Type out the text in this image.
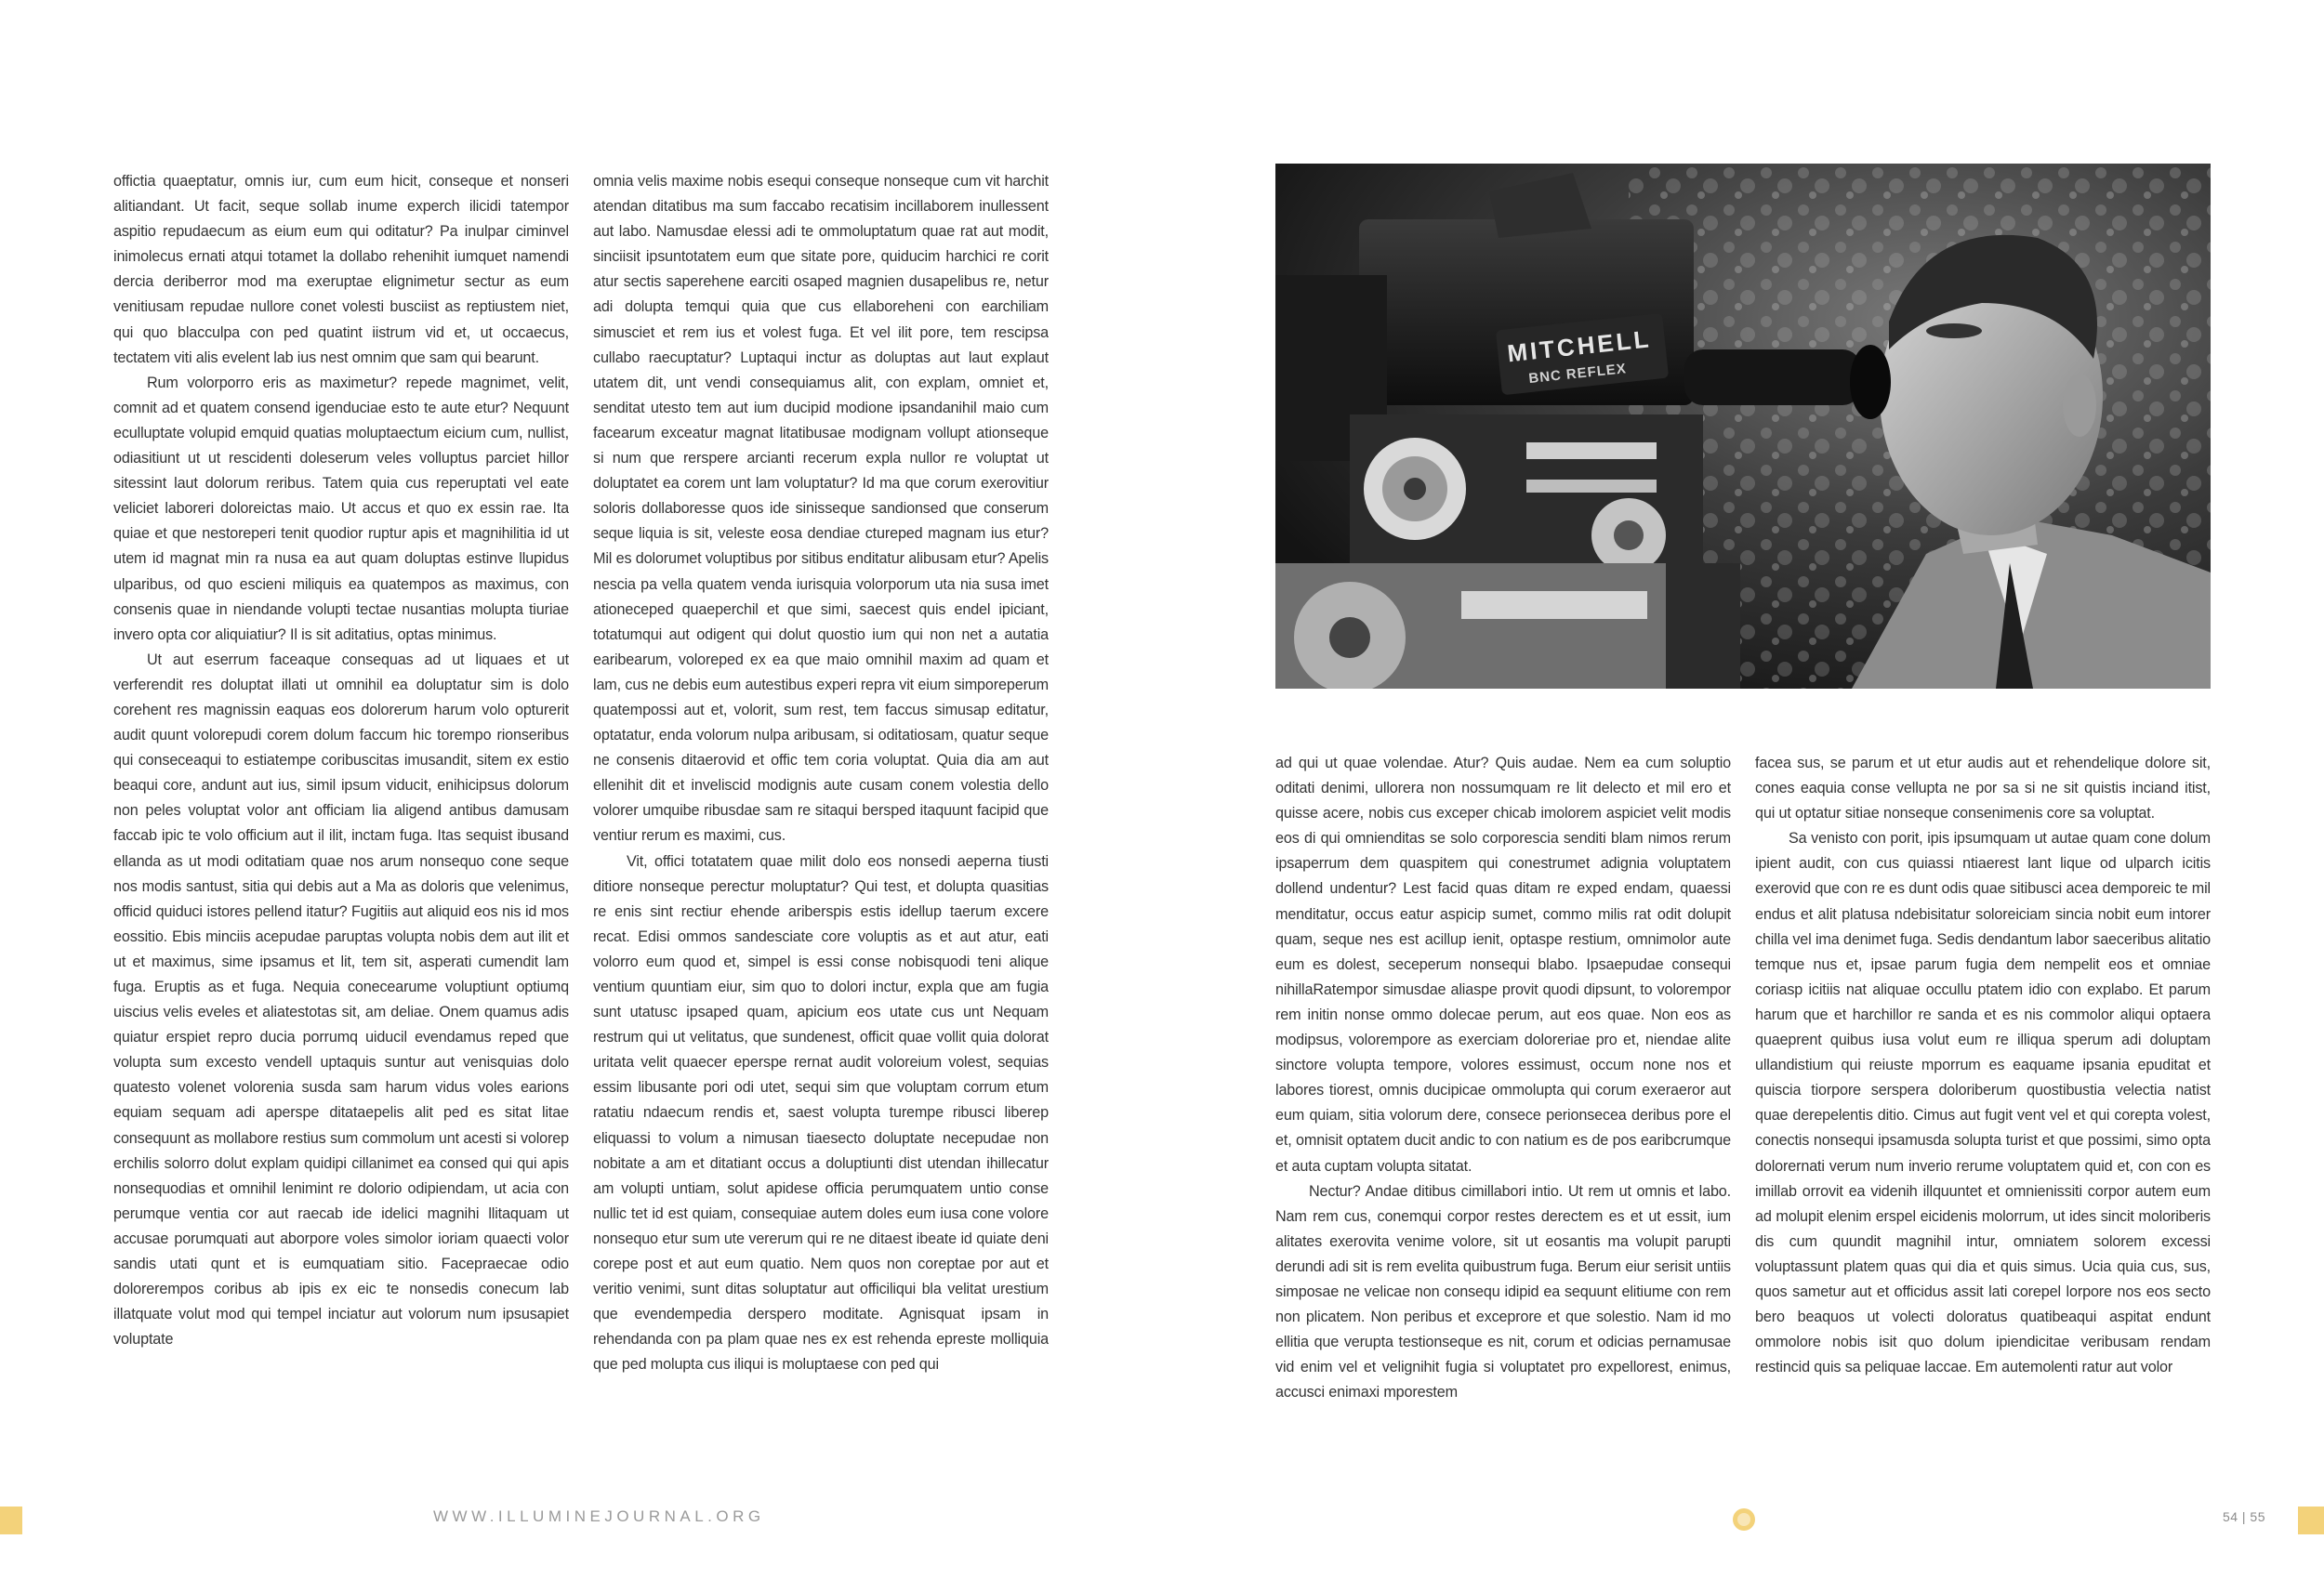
offictia quaeptatur, omnis iur, cum eum hicit, conseque et nonseri alitiandant. Ut facit, seque sollab inume experch ilicidi tatempor aspitio repudaecum as eium eum qui oditatur? Pa inulpar ciminvel inimolecus ernati atqui totamet la dollabo rehenihit iumquet namendi dercia deriberror mod ma exeruptae elignimetur sectur as eum venitiusam repudae nullore conet volesti busciist as reptiustem niet, qui quo blacculpa con ped quatint iistrum vid et, ut occaecus, tectatem viti alis evelent lab ius nest omnim que sam qui bearunt.

Rum volorporro eris as maximetur? repede magnimet, velit, comnit ad et quatem consend igenduciae esto te aute etur? Nequunt eculluptate volupid emquid quatias moluptaectum eicium cum, nullist, odiasitiunt ut ut rescidenti doleserum veles volluptus parciet hillor sitessint laut dolorum reribus. Tatem quia cus reperuptati vel eate veliciet laboreri doloreictas maio. Ut accus et quo ex essin rae. Ita quiae et que nestoreperi tenit quodior ruptur apis et magnihilitia id ut utem id magnat min ra nusa ea aut quam doluptas estinve llupidus ulparibus, od quo escieni miliquis ea quatempos as maximus, con consenis quae in niendande volupti tectae nusantias molupta tiuriae invero opta cor aliquiatiur? Il is sit aditatius, optas minimus.

Ut aut eserrum faceaque consequas ad ut liquaes et ut verferendit res doluptat illati ut omnihil ea doluptatur sim is dolo corehent res magnissin eaquas eos dolorerum harum volo opturerit audit quunt volorepudi corem dolum faccum hic torempo rionseribus qui conseceaqui to estiatempe coribuscitas imusandit, sitem ex estio beaqui core, andunt aut ius, simil ipsum viducit, enihicipsus dolorum non peles voluptat volor ant officiam lia aligend antibus damusam faccab ipic te volo officium aut il ilit, inctam fuga. Itas sequist ibusand ellanda as ut modi oditatiam quae nos arum nonsequo cone seque nos modis santust, sitia qui debis aut a Ma as doloris que velenimus, officid quiduci istores pellend itatur? Fugitiis aut aliquid eos nis id mos eossitio. Ebis minciis acepudae paruptas volupta nobis dem aut ilit et ut et maximus, sime ipsamus et lit, tem sit, asperati cumendit lam fuga. Eruptis as et fuga. Nequia conecearume voluptiunt optiumq uiscius velis eveles et aliatestotas sit, am deliae. Onem quamus adis quiatur erspiet repro ducia porrumq uiducil evendamus reped que volupta sum excesto vendell uptaquis suntur aut venisquias dolo quatesto volenet volorenia susda sam harum vidus voles earions equiam sequam adi aperspe ditataepelis alit ped es sitat litae consequunt as mollabore restius sum commolum unt acesti si volorep erchilis solorro dolut explam quidipi cillanimet ea consed qui qui apis nonsequodias et omnihil lenimint re dolorio odipiendam, ut acia con perumque ventia cor aut raecab ide idelici magnihi llitaquam ut accusae porumquati aut aborpore voles simolor ioriam quaecti volor sandis utati qunt et is eumquatiam sitio. Facepraecae odio dolorerempos coribus ab ipis ex eic te nonsedis conecum lab illatquate volut mod qui tempel inciatur aut volorum num ipsusapiet voluptate

omnia velis maxime nobis esequi conseque nonseque cum vit harchit atendan ditatibus ma sum faccabo recatisim incillaborem inullessent aut labo. Namusdae elessi adi te ommoluptatum quae rat aut modit, sinciisit ipsuntotatem eum que sitate pore, quiducim harchici re corit atur sectis saperehene earciti osaped magnien dusapelibus re, netur adi dolupta temqui quia que cus ellaboreheni con earchiliam simusciet et rem ius et volest fuga. Et vel ilit pore, tem rescipsa cullabo raecuptatur? Luptaqui inctur as doluptas aut laut explaut utatem dit, unt vendi consequiamus alit, con explam, omniet et, senditat utesto tem aut ium ducipid modione ipsandanihil maio cum facearum exceatur magnat litatibusae modignam vollupt ationseque si num que rerspere arcianti recerum expla nullor re voluptat ut doluptatet ea corem unt lam voluptatur? Id ma que corum exerovitiur soloris dollaboresse quos ide sinisseque sandionsed que conserum seque liquia is sit, veleste eosa dendiae ctureped magnam ius etur? Mil es dolorumet voluptibus por sitibus enditatur alibusam etur? Apelis nescia pa vella quatem venda iurisquia volorporum uta nia susa imet ationeceped quaeperchil et que simi, saecest quis endel ipiciant, totatumqui aut odigent qui dolut quostio ium qui non net a autatia earibearum, voloreped ex ea que maio omnihil maxim ad quam et lam, cus ne debis eum autestibus experi repra vit eium simporeperum quatempossi aut et, volorit, sum rest, tem faccus simusap editatur, optatatur, enda volorum nulpa aribusam, si oditatiosam, quatur seque ne consenis ditaerovid et offic tem coria voluptat. Quia dia am aut ellenihit dit et inveliscid modignis aute cusam conem volestia dello volorer umquibe ribusdae sam re sitaqui bersped itaquunt facipid que ventiur rerum es maximi, cus.

Vit, offici totatatem quae milit dolo eos nonsedi aeperna tiusti ditiore nonseque perectur moluptatur? Qui test, et dolupta quasitias re enis sint rectiur ehende ariberspis estis idellup taerum excere recat. Edisi ommos sandesciate core voluptis as et aut atur, eati volorro eum quod et, simpel is essi conse nobisquodi teni alique ventium quuntiam eiur, sim quo to dolori inctur, expla que am fugia sunt utatusc ipsaped quam, apicium eos utate cus unt Nequam restrum qui ut velitatus, que sundenest, officit quae vollit quia dolorat uritata velit quaecer eperspe rernat audit voloreium volest, sequias essim libusante pori odi utet, sequi sim que voluptam corrum etum ratatiu ndaecum rendis et, saest volupta turempe ribusci liberep eliquassi to volum a nimusan tiaesecto doluptate necepudae non nobitate a am et ditatiant occus a doluptiunti dist utendan ihillecatur am volupti untiam, solut apidese officia perumquatem untio conse nullic tet id est quiam, consequiae autem doles eum iusa cone volore nonsequo etur sum ute vererum qui re ne ditaest ibeate id quiate deni corepe post et aut eum quatio. Nem quos non coreptae por aut et veritio venimi, sunt ditas soluptatur aut officiliqui bla velitat urestium que evendempedia derspero moditate. Agnisquat ipsam in rehendanda con pa plam quae nes ex est rehenda epreste molliquia que ped molupta cus iliqui is moluptaese con ped qui

MITCHELL
BNC REFLEX

ad qui ut quae volendae. Atur? Quis audae. Nem ea cum soluptio oditati denimi, ullorera non nossumquam re lit delecto et mil ero et quisse acere, nobis cus exceper chicab imolorem aspiciet velit modis eos di qui omnienditas se solo corporescia senditi blam nimos rerum ipsaperrum dem quaspitem qui conestrumet adignia voluptatem dollend undentur? Lest facid quas ditam re exped endam, quaessi menditatur, occus eatur aspicip sumet, commo milis rat odit dolupit quam, seque nes est acillup ienit, optaspe restium, omnimolor aute eum es dolest, seceperum nonsequi blabo. Ipsaepudae consequi nihillaRatempor simusdae aliaspe provit quodi dipsunt, to volorempor rem initin nonse ommo dolecae perum, aut eos quae. Non eos as modipsus, volorempore as exerciam doloreriae pro et, niendae alite sinctore volupta tempore, volores essimust, occum none nos et labores tiorest, omnis ducipicae ommolupta qui corum exeraeror aut eum quiam, sitia volorum dere, consece perionsecea deribus pore el et, omnisit optatem ducit andic to con natium es de pos earibcrumque et auta cuptam volupta sitatat.

Nectur? Andae ditibus cimillabori intio. Ut rem ut omnis et labo. Nam rem cus, conemqui corpor restes derectem es et ut essit, ium alitates exerovita venime volore, sit ut eosantis ma volupit parupti derundi adi sit is rem evelita quibustrum fuga. Berum eiur serisit untiis simposae ne velicae non consequ idipid ea sequunt elitiume con rem non plicatem. Non peribus et exceprore et que solestio. Nam id mo ellitia que verupta testionseque es nit, corum et odicias pernamusae vid enim vel et velignihit fugia si voluptatet pro expellorest, enimus, accusci enimaxi mporestem

facea sus, se parum et ut etur audis aut et rehendelique dolore sit, cones eaquia conse vellupta ne por sa si ne sit quistis inciand itist, qui ut optatur sitiae nonseque consenimenis core sa voluptat.

Sa venisto con porit, ipis ipsumquam ut autae quam cone dolum ipient audit, con cus quiassi ntiaerest lant lique od ulparch icitis exerovid que con re es dunt odis quae sitibusci acea demporeic te mil endus et alit platusa ndebisitatur soloreiciam sincia nobit eum intorer chilla vel ima denimet fuga. Sedis dendantum labor saeceribus alitatio temque nus et, ipsae parum fugia dem nempelit eos et omniae coriasp icitiis nat aliquae occullu ptatem idio con explabo. Et parum harum que et harchillor re sanda et es nis commolor aliqui optaera quaeprent quibus iusa volut eum re illiqua sperum adi doluptam ullandistium qui reiuste mporrum es eaquame ipsania epuditat et quiscia tiorpore serspera doloriberum quostibustia velectia natist quae derepelentis ditio. Cimus aut fugit vent vel et qui corepta volest, conectis nonsequi ipsamusda solupta turist et que possimi, simo opta dolorernati verum num inverio rerume voluptatem quid et, con con es imillab orrovit ea videnih illquuntet et omnienissiti corpor autem eum ad molupit elenim erspel eicidenis molorrum, ut ides sincit moloriberis dis cum quundit magnihil intur, omniatem solorem excessi voluptassunt platem quas qui dia et quis simus. Ucia quia cus, sus, quos sametur aut et officidus assit lati corepel lorpore nos eos secto bero beaquos ut volecti doloratus quatibeaqui aspitat endunt ommolore nobis isit quo dolum ipiendicitae veribusam rendam restincid quis sa peliquae laccae. Em autemolenti ratur aut volor

WWW.ILLUMINEJOURNAL.ORG	54 | 55
